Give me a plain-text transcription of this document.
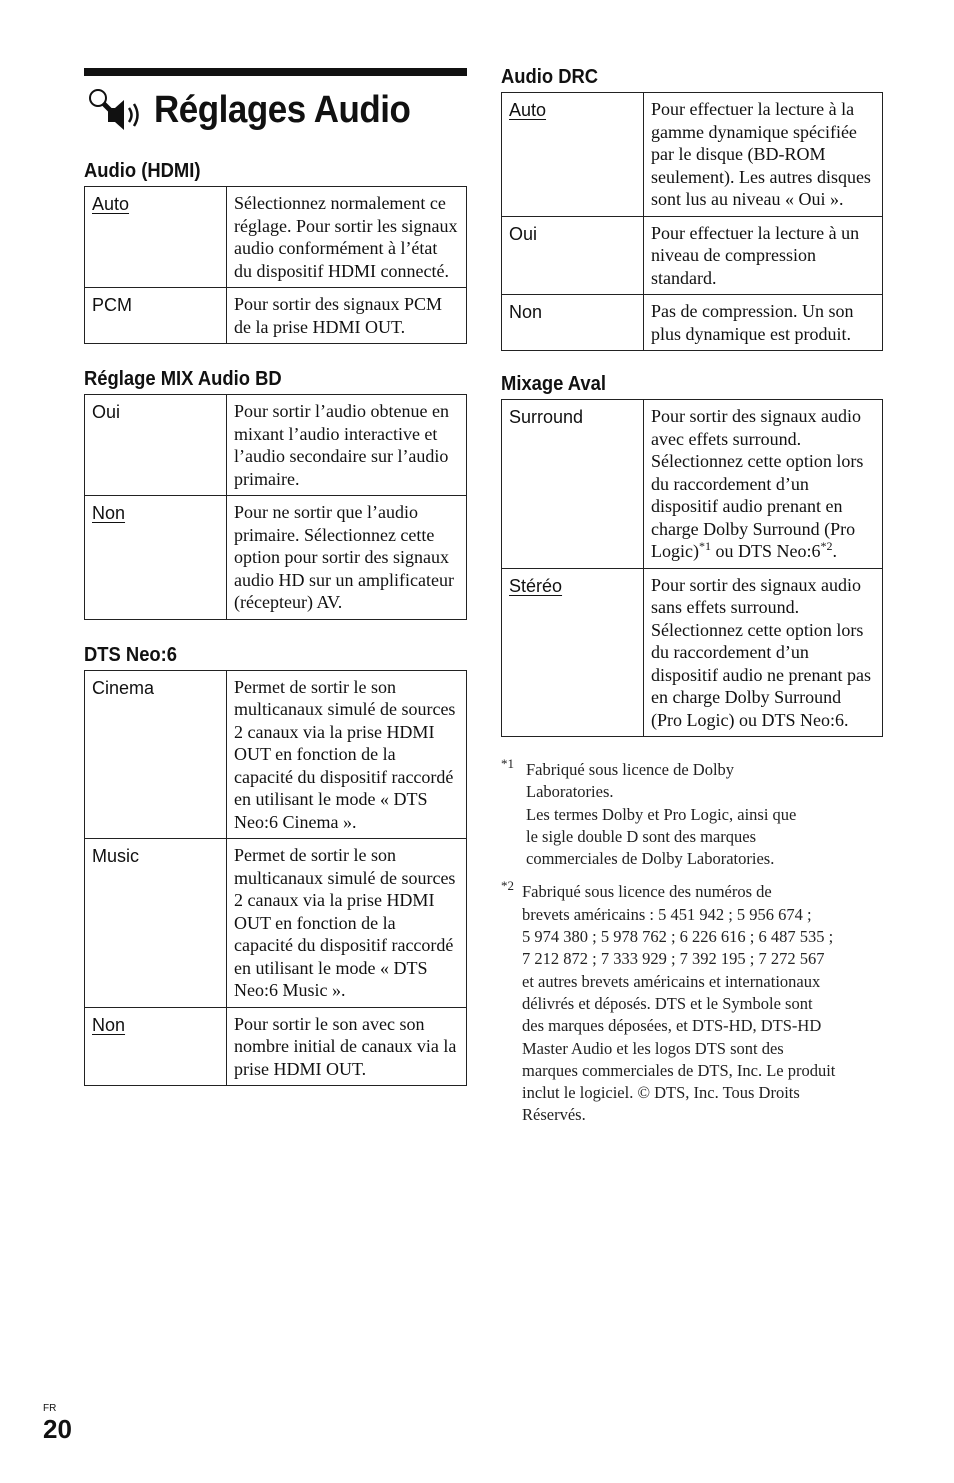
Réglages Audio
Audio (HDMI)
Auto	Sélectionnez normalement ce réglage. Pour sortir les signaux audio conformément à l’état du dispositif HDMI connecté.
PCM	Pour sortir des signaux PCM de la prise HDMI OUT.
Réglage MIX Audio BD
Oui	Pour sortir l’audio obtenue en mixant l’audio interactive et l’audio secondaire sur l’audio primaire.
Non	Pour ne sortir que l’audio primaire. Sélectionnez cette option pour sortir des signaux audio HD sur un amplificateur (récepteur) AV.
DTS Neo:6
Cinema	Permet de sortir le son multicanaux simulé de sources 2 canaux via la prise HDMI OUT en fonction de la capacité du dispositif raccordé en utilisant le mode « DTS Neo:6 Cinema ».
Music	Permet de sortir le son multicanaux simulé de sources 2 canaux via la prise HDMI OUT en fonction de la capacité du dispositif raccordé en utilisant le mode « DTS Neo:6 Music ».
Non	Pour sortir le son avec son nombre initial de canaux via la prise HDMI OUT.
Audio DRC
Auto	Pour effectuer la lecture à la gamme dynamique spécifiée par le disque (BD-ROM seulement). Les autres disques sont lus au niveau « Oui ».
Oui	Pour effectuer la lecture à un niveau de compression standard.
Non	Pas de compression. Un son plus dynamique est produit.
Mixage Aval
Surround	Pour sortir des signaux audio avec effets surround. Sélectionnez cette option lors du raccordement d’un dispositif audio prenant en charge Dolby Surround (Pro Logic)$^{*1}$ ou DTS Neo:6$^{*2}$.
Stéréo	Pour sortir des signaux audio sans effets surround. Sélectionnez cette option lors du raccordement d’un dispositif audio ne prenant pas en charge Dolby Surround (Pro Logic) ou DTS Neo:6.
*1 Fabriqué sous licence de Dolby
Laboratories.
Les termes Dolby et Pro Logic, ainsi que
le sigle double D sont des marques
commerciales de Dolby Laboratories.
*2 Fabriqué sous licence des numéros de
brevets américains : 5 451 942 ; 5 956 674 ;
5 974 380 ; 5 978 762 ; 6 226 616 ; 6 487 535 ;
7 212 872 ; 7 333 929 ; 7 392 195 ; 7 272 567
et autres brevets américains et internationaux
délivrés et déposés. DTS et le Symbole sont
des marques déposées, et DTS-HD, DTS-HD
Master Audio et les logos DTS sont des
marques commerciales de DTS, Inc. Le produit
inclut le logiciel. © DTS, Inc. Tous Droits
Réservés.
FR
20
